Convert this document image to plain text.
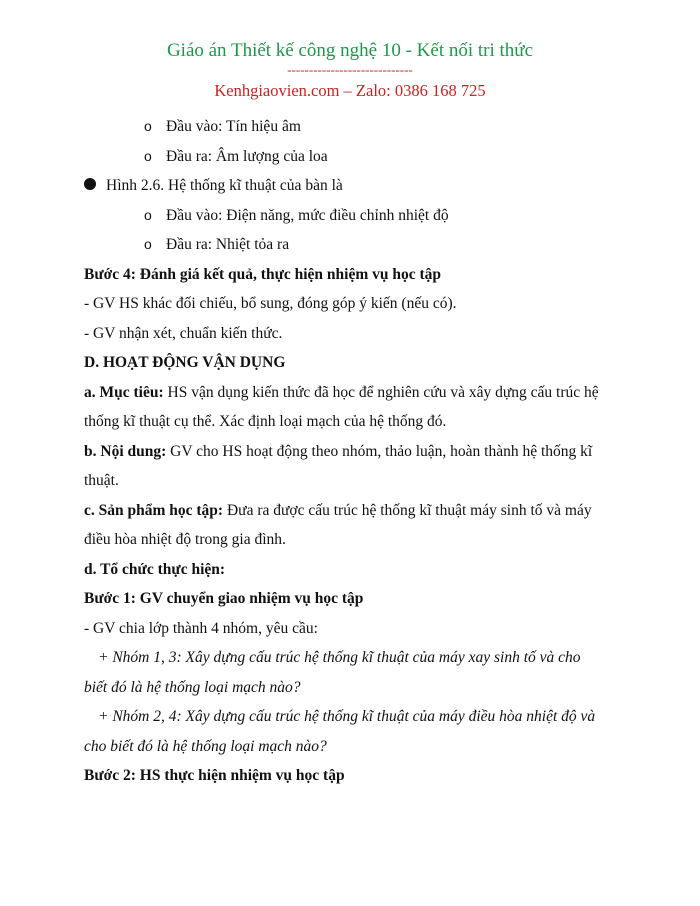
Giáo án Thiết kế công nghệ 10 - Kết nối tri thức
-----------------------------
Kenhgiaovien.com – Zalo: 0386 168 725
o Đầu vào: Tín hiệu âm
o Đầu ra: Âm lượng của loa
Hình 2.6. Hệ thống kĩ thuật của bàn là
o Đầu vào: Điện năng, mức điều chỉnh nhiệt độ
o Đầu ra: Nhiệt tỏa ra
Bước 4: Đánh giá kết quả, thực hiện nhiệm vụ học tập
- GV HS khác đối chiếu, bổ sung, đóng góp ý kiến (nếu có).
- GV nhận xét, chuẩn kiến thức.
D. HOẠT ĐỘNG VẬN DỤNG
a. Mục tiêu: HS vận dụng kiến thức đã học để nghiên cứu và xây dựng cấu trúc hệ
thống kĩ thuật cụ thể. Xác định loại mạch của hệ thống đó.
b. Nội dung: GV cho HS hoạt động theo nhóm, thảo luận, hoàn thành hệ thống kĩ
thuật.
c. Sản phẩm học tập: Đưa ra được cấu trúc hệ thống kĩ thuật máy sinh tố và máy
điều hòa nhiệt độ trong gia đình.
d. Tổ chức thực hiện:
Bước 1: GV chuyển giao nhiệm vụ học tập
- GV chia lớp thành 4 nhóm, yêu cầu:
+ Nhóm 1, 3: Xây dựng cấu trúc hệ thống kĩ thuật của máy xay sinh tố và cho
biết đó là hệ thống loại mạch nào?
+ Nhóm 2, 4: Xây dựng cấu trúc hệ thống kĩ thuật của máy điều hòa nhiệt độ và
cho biết đó là hệ thống loại mạch nào?
Bước 2: HS thực hiện nhiệm vụ học tập
